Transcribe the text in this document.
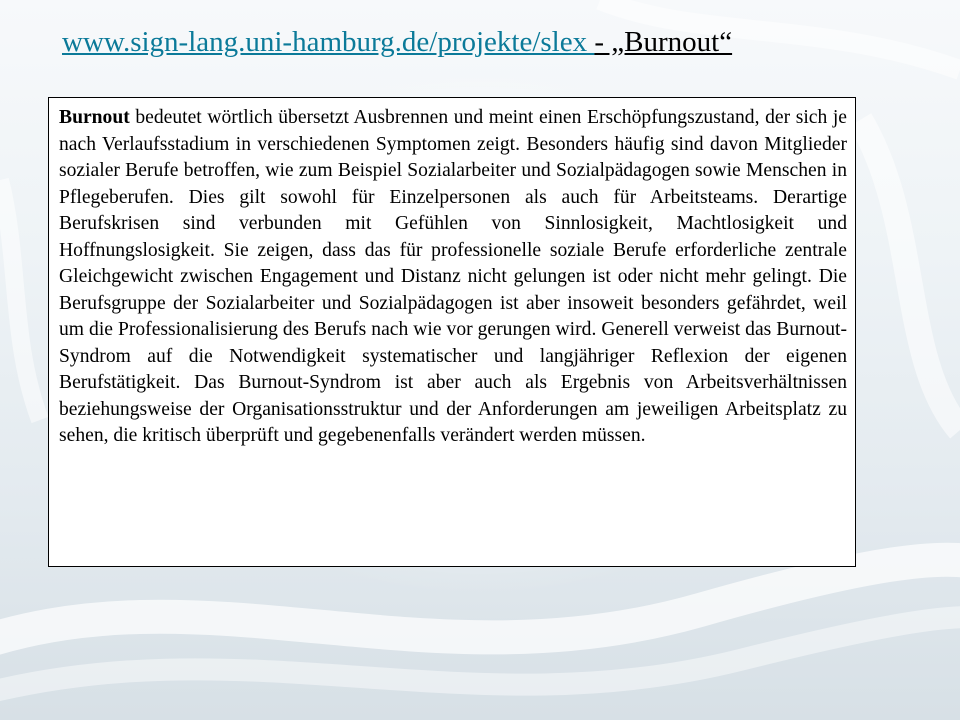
www.sign-lang.uni-hamburg.de/projekte/slex - „Burnout“

Burnout bedeutet wörtlich übersetzt Ausbrennen und meint einen Erschöpfungszustand, der sich je nach Verlaufsstadium in verschiedenen Symptomen zeigt. Besonders häufig sind davon Mitglieder sozialer Berufe betroffen, wie zum Beispiel Sozialarbeiter und Sozialpädagogen sowie Menschen in Pflegeberufen. Dies gilt sowohl für Einzelpersonen als auch für Arbeitsteams. Derartige Berufskrisen sind verbunden mit Gefühlen von Sinnlosigkeit, Machtlosigkeit und Hoffnungslosigkeit. Sie zeigen, dass das für professionelle soziale Berufe erforderliche zentrale Gleichgewicht zwischen Engagement und Distanz nicht gelungen ist oder nicht mehr gelingt. Die Berufsgruppe der Sozialarbeiter und Sozialpädagogen ist aber insoweit besonders gefährdet, weil um die Professionalisierung des Berufs nach wie vor gerungen wird. Generell verweist das Burnout-Syndrom auf die Notwendigkeit systematischer und langjähriger Reflexion der eigenen Berufstätigkeit. Das Burnout-Syndrom ist aber auch als Ergebnis von Arbeitsverhältnissen beziehungsweise der Organisationsstruktur und der Anforderungen am jeweiligen Arbeitsplatz zu sehen, die kritisch überprüft und gegebenenfalls verändert werden müssen.
